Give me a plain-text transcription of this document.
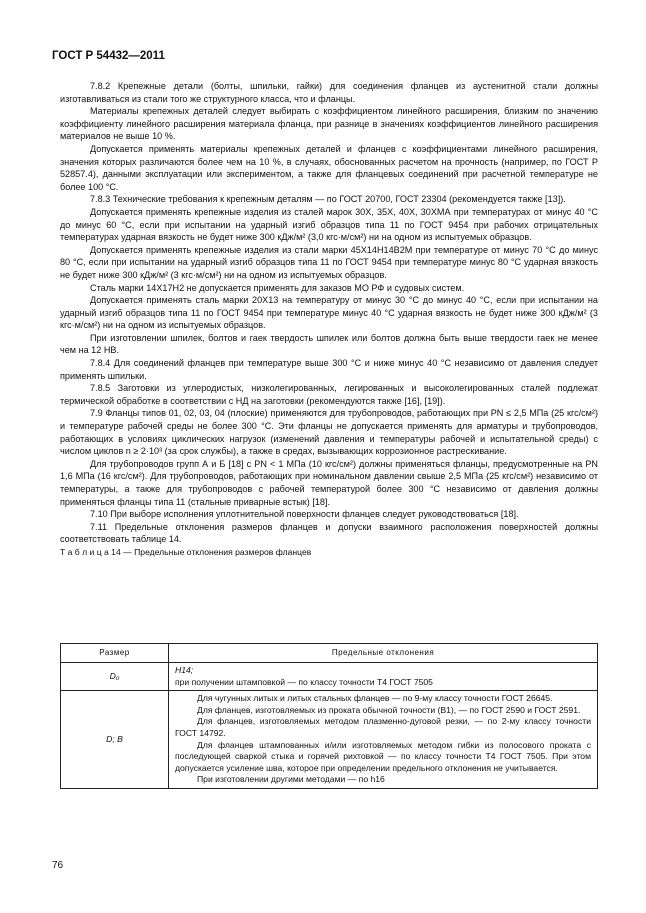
ГОСТ Р 54432—2011

7.8.2 Крепежные детали (болты, шпильки, гайки) для соединения фланцев из аустенитной стали должны изготавливаться из стали того же структурного класса, что и фланцы.

Материалы крепежных деталей следует выбирать с коэффициентом линейного расширения, близким по значению коэффициенту линейного расширения материала фланца, при разнице в значениях коэффициентов линейного расширения материалов не выше 10 %.

Допускается применять материалы крепежных деталей и фланцев с коэффициентами линейного расширения, значения которых различаются более чем на 10 %, в случаях, обоснованных расчетом на прочность (например, по ГОСТ Р 52857.4), данными эксплуатации или экспериментом, а также для фланцевых соединений при расчетной температуре не более 100 °С.

7.8.3 Технические требования к крепежным деталям — по ГОСТ 20700, ГОСТ 23304 (рекомендуется также [13]).

Допускается применять крепежные изделия из сталей марок 30Х, 35Х, 40Х, 30ХМА при температурах от минус 40 °С до минус 60 °С, если при испытании на ударный изгиб образцов типа 11 по ГОСТ 9454 при рабочих отрицательных температурах ударная вязкость не будет ниже 300 кДж/м² (3,0 кгс·м/см²) ни на одном из испытуемых образцов.

Допускается применять крепежные изделия из стали марки 45Х14Н14В2М при температуре от минус 70 °С до минус 80 °С, если при испытании на ударный изгиб образцов типа 11 по ГОСТ 9454 при температуре минус 80 °С ударная вязкость не будет ниже 300 кДж/м² (3 кгс·м/см²) ни на одном из испытуемых образцов.

Сталь марки 14Х17Н2 не допускается применять для заказов МО РФ и судовых систем.

Допускается применять сталь марки 20Х13 на температуру от минус 30 °С до минус 40 °С, если при испытании на ударный изгиб образцов типа 11 по ГОСТ 9454 при температуре минус 40 °С ударная вязкость не будет ниже 300 кДж/м² (3 кгс·м/см²) ни на одном из испытуемых образцов.

При изготовлении шпилек, болтов и гаек твердость шпилек или болтов должна быть выше твердости гаек не менее чем на 12 НВ.

7.8.4 Для соединений фланцев при температуре выше 300 °С и ниже минус 40 °С независимо от давления следует применять шпильки.

7.8.5 Заготовки из углеродистых, низколегированных, легированных и высоколегированных сталей подлежат термической обработке в соответствии с НД на заготовки (рекомендуются также [16], [19]).

7.9 Фланцы типов 01, 02, 03, 04 (плоские) применяются для трубопроводов, работающих при PN ≤ 2,5 МПа (25 кгс/см²) и температуре рабочей среды не более 300 °С. Эти фланцы не допускается применять для арматуры и трубопроводов, работающих в условиях циклических нагрузок (изменений давления и температуры рабочей и испытательной среды) с числом циклов n ≥ 2·10³ (за срок службы), а также в средах, вызывающих коррозионное растрескивание.

Для трубопроводов групп А и Б [18] с PN < 1 МПа (10 кгс/см²) должны применяться фланцы, предусмотренные на PN 1,6 МПа (16 кгс/см²). Для трубопроводов, работающих при номинальном давлении свыше 2,5 МПа (25 кгс/см²) независимо от температуры, а также для трубопроводов с рабочей температурой более 300 °С независимо от давления должны применяться фланцы типа 11 (стальные приварные встык) [18].

7.10 При выборе исполнения уплотнительной поверхности фланцев следует руководствоваться [18].

7.11 Предельные отклонения размеров фланцев и допуски взаимного расположения поверхностей должны соответствовать таблице 14.

Т а б л и ц а 14 — Предельные отклонения размеров фланцев

Размер	Предельные отклонения
D₀	H14;

при получении штамповкой — по классу точности Т4 ГОСТ 7505

D; B	Для чугунных литых и литых стальных фланцев — по 9-му классу точности ГОСТ 26645.

Для фланцев, изготовляемых из проката обычной точности (В1), — по ГОСТ 2590 и ГОСТ 2591.

Для фланцев, изготовляемых методом плазменно-дуговой резки, — по 2-му классу точности ГОСТ 14792.

Для фланцев штампованных и/или изготовляемых методом гибки из полосового проката с последующей сваркой стыка и горячей рихтовкой — по классу точности Т4 ГОСТ 7505. При этом допускается усиление шва, которое при определении предельного отклонения не учитывается.

При изготовлении другими методами — по h16

76
